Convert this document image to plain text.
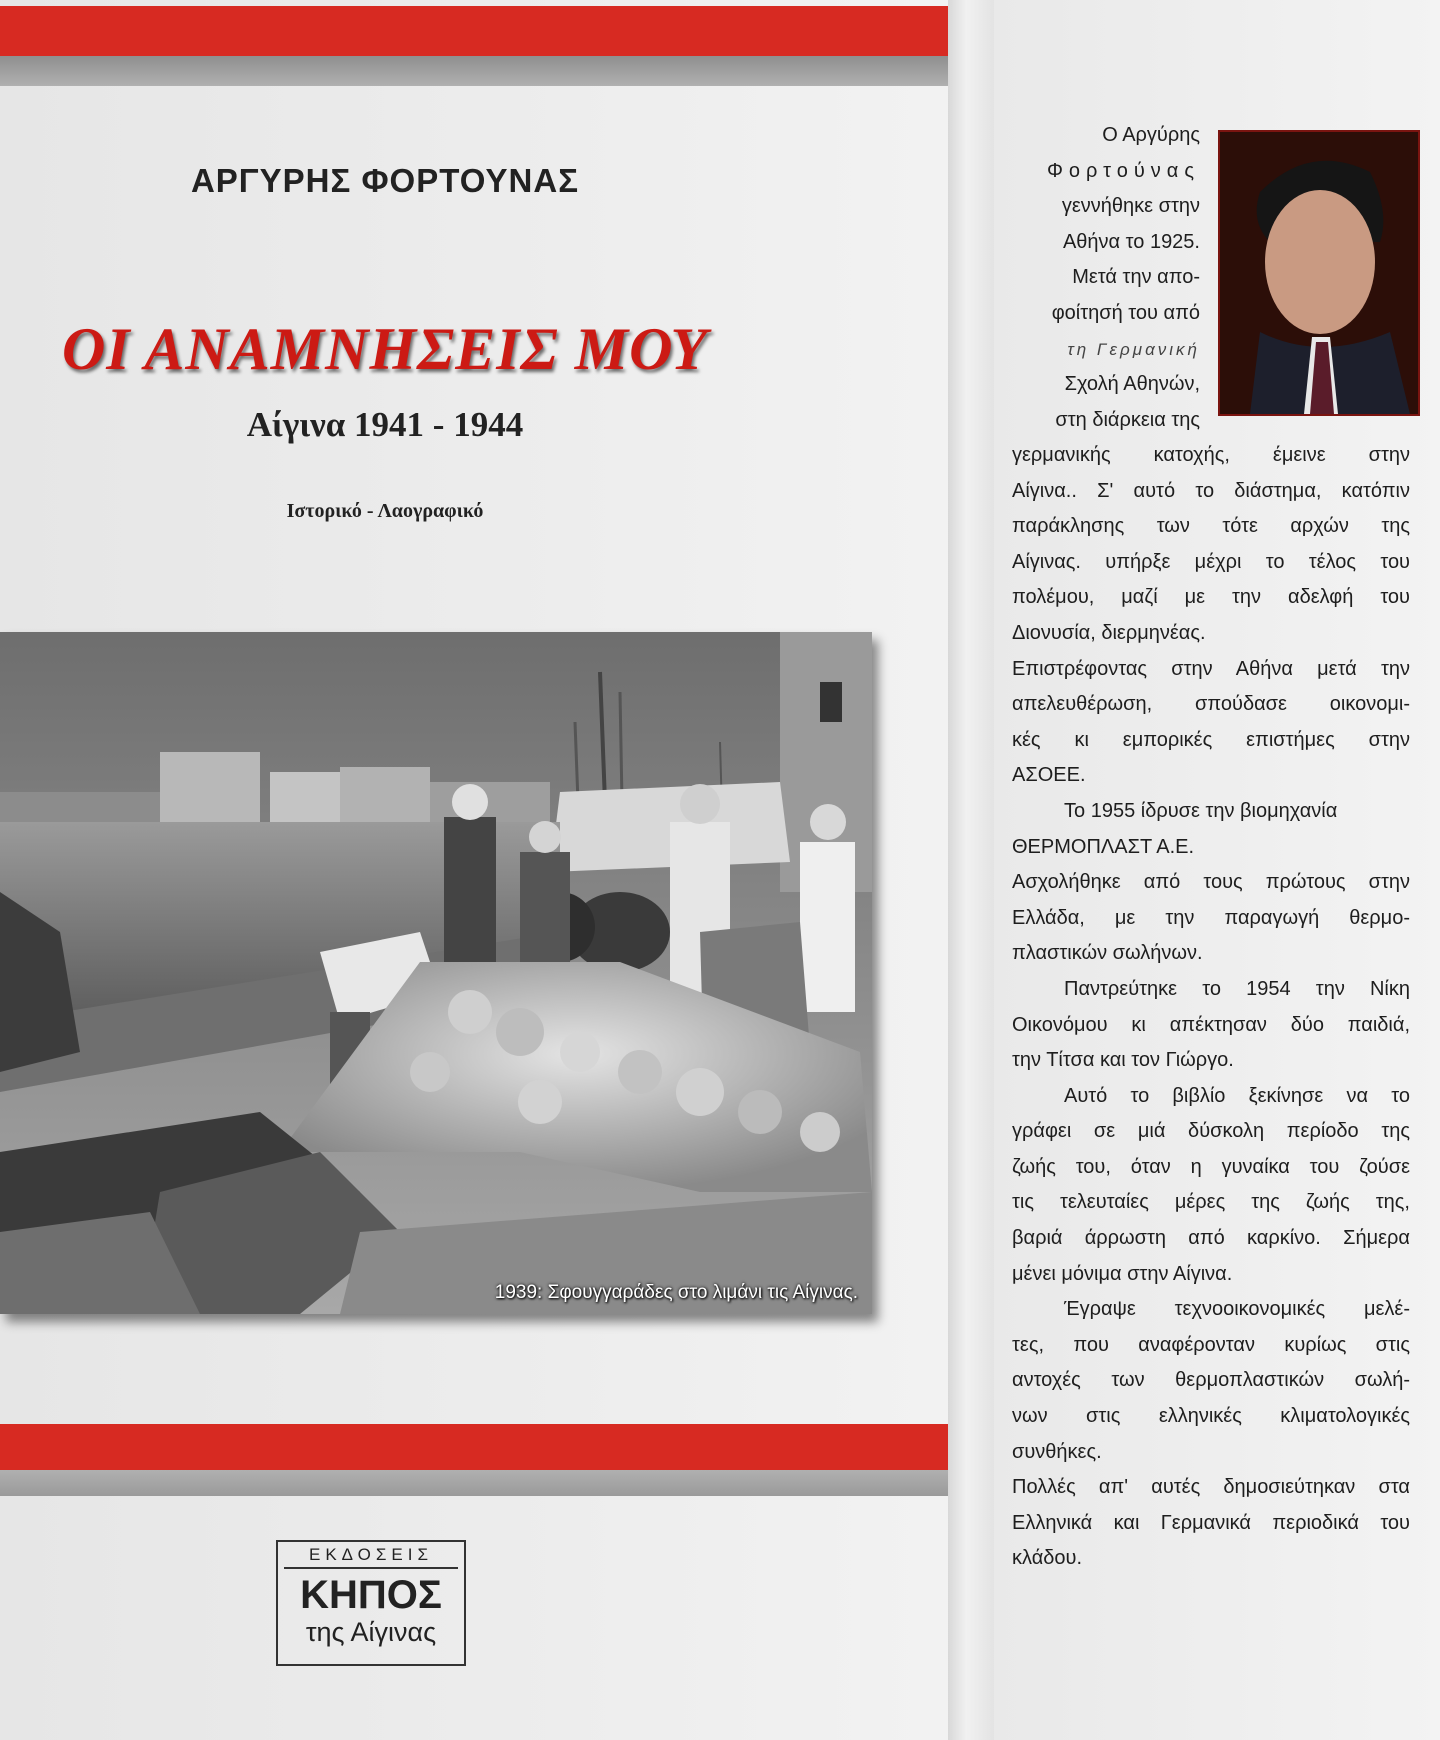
ΑΡΓΥΡΗΣ ΦΟΡΤΟΥΝΑΣ
ΟΙ ΑΝΑΜΝΗΣΕΙΣ ΜΟΥ
Αίγινα 1941 - 1944
Ιστορικό - Λαογραφικό
1939: Σφουγγαράδες στο λιμάνι τις Αίγινας.
ΕΚΔΟΣΕΙΣ
ΚΗΠΟΣ
της Αίγινας

Ο Αργύρης

Φορτούνας

γεννήθηκε στην

Αθήνα το 1925.

Μετά την απο-

φοίτησή του από

τη Γερμανική

Σχολή Αθηνών,

στη διάρκεια της

γερμανικής κατοχής, έμεινε στην

Αίγινα.. Σ' αυτό το διάστημα, κατόπιν

παράκλησης των τότε αρχών της

Αίγινας. υπήρξε μέχρι το τέλος του

πολέμου, μαζί με την αδελφή του

Διονυσία, διερμηνέας.

Επιστρέφοντας στην Αθήνα μετά την

απελευθέρωση, σπούδασε οικονομι-

κές κι εμπορικές επιστήμες στην

ΑΣΟΕΕ.

Το 1955 ίδρυσε την βιομηχανία

ΘΕΡΜΟΠΛΑΣΤ Α.Ε.

Ασχολήθηκε από τους πρώτους στην

Ελλάδα, με την παραγωγή θερμο-

πλαστικών σωλήνων.

Παντρεύτηκε το 1954 την Νίκη

Οικονόμου κι απέκτησαν δύο παιδιά,

την Τίτσα και τον Γιώργο.

Αυτό το βιβλίο ξεκίνησε να το

γράφει σε μιά δύσκολη περίοδο της

ζωής του, όταν η γυναίκα του ζούσε

τις τελευταίες μέρες της ζωής της,

βαριά άρρωστη από καρκίνο. Σήμερα

μένει μόνιμα στην Αίγινα.

Έγραψε τεχνοοικονομικές μελέ-

τες, που αναφέρονταν κυρίως στις

αντοχές των θερμοπλαστικών σωλή-

νων στις ελληνικές κλιματολογικές

συνθήκες.

Πολλές απ' αυτές δημοσιεύτηκαν στα

Ελληνικά και Γερμανικά περιοδικά του

κλάδου.
